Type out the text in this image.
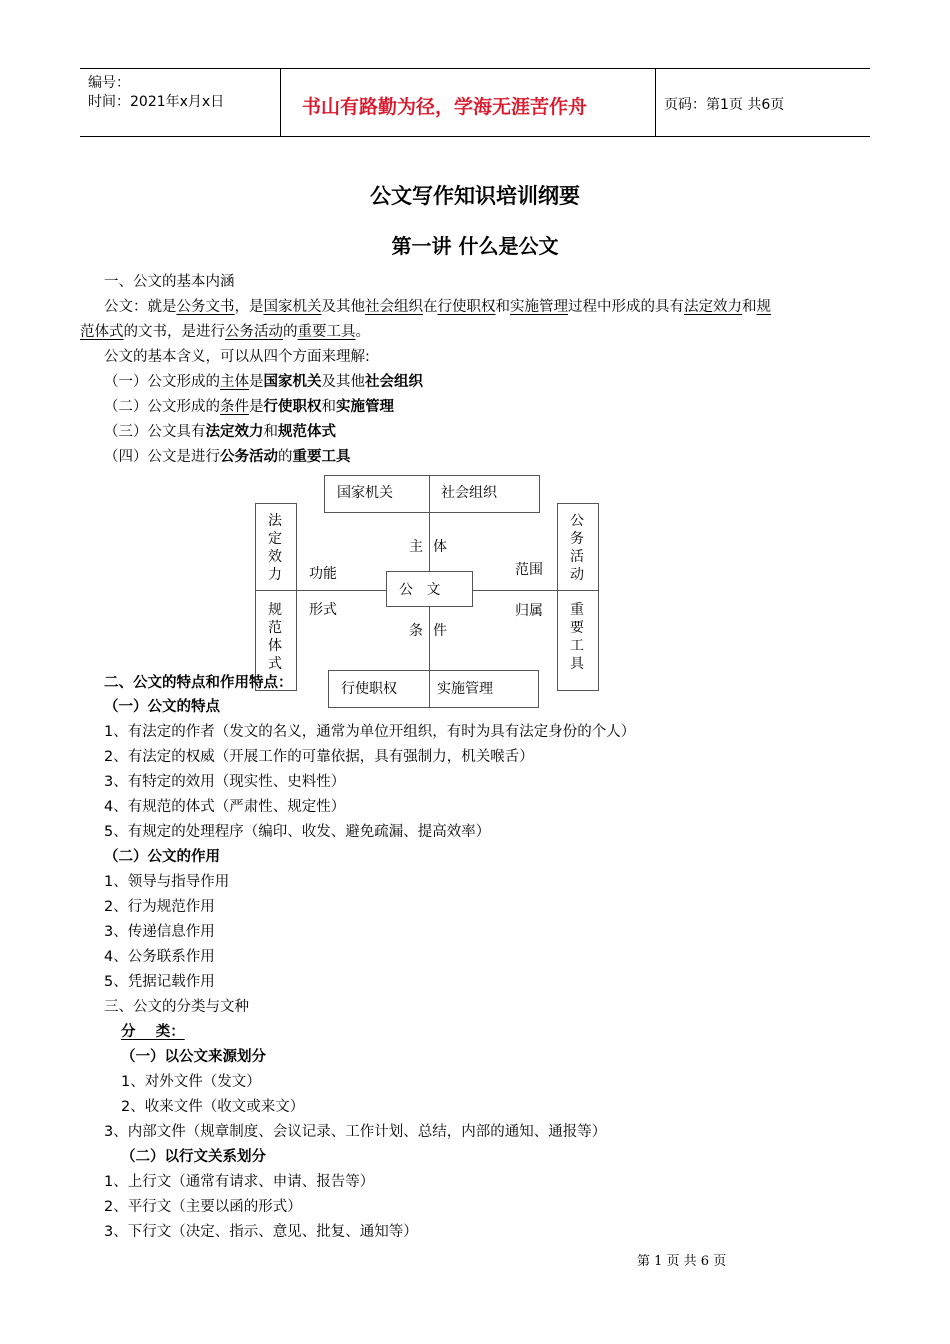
编号：
时间：2021年x月x日	书山有路勤为径，学海无涯苦作舟	页码：第1页 共6页
公文写作知识培训纲要
第一讲 什么是公文
一、公文的基本内涵
公文：就是公务文书，是国家机关及其他社会组织在行使职权和实施管理过程中形成的具有法定效力和规
范体式的文书，是进行公务活动的重要工具。
公文的基本含义，可以从四个方面来理解:
（一）公文形成的主体是国家机关及其他社会组织
（二）公文形成的条件是行使职权和实施管理
（三）公文具有法定效力和规范体式
（四）公文是进行公务活动的重要工具
国家机关	社会组织
行使职权	实施管理
法定效力
规范体式
公务活动
重要工具
公   文
主 体
条 件
功能
形式
范围
归属
二、公文的特点和作用特点：
（一）公文的特点
1、有法定的作者（发文的名义，通常为单位开组织，有时为具有法定身份的个人）
2、有法定的权威（开展工作的可靠依据，具有强制力，机关喉舌）
3、有特定的效用（现实性、史料性）
4、有规范的体式（严肃性、规定性）
5、有规定的处理程序（编印、收发、避免疏漏、提高效率）
（二）公文的作用
1、领导与指导作用
2、行为规范作用
3、传递信息作用
4、公务联系作用
5、凭据记载作用
三、公文的分类与文种
分    类：
（一）以公文来源划分
1、对外文件（发文）
2、收来文件（收文或来文）
3、内部文件（规章制度、会议记录、工作计划、总结，内部的通知、通报等）
（二）以行文关系划分
1、上行文（通常有请求、申请、报告等）
2、平行文（主要以函的形式）
3、下行文（决定、指示、意见、批复、通知等）
第 1 页 共 6 页
